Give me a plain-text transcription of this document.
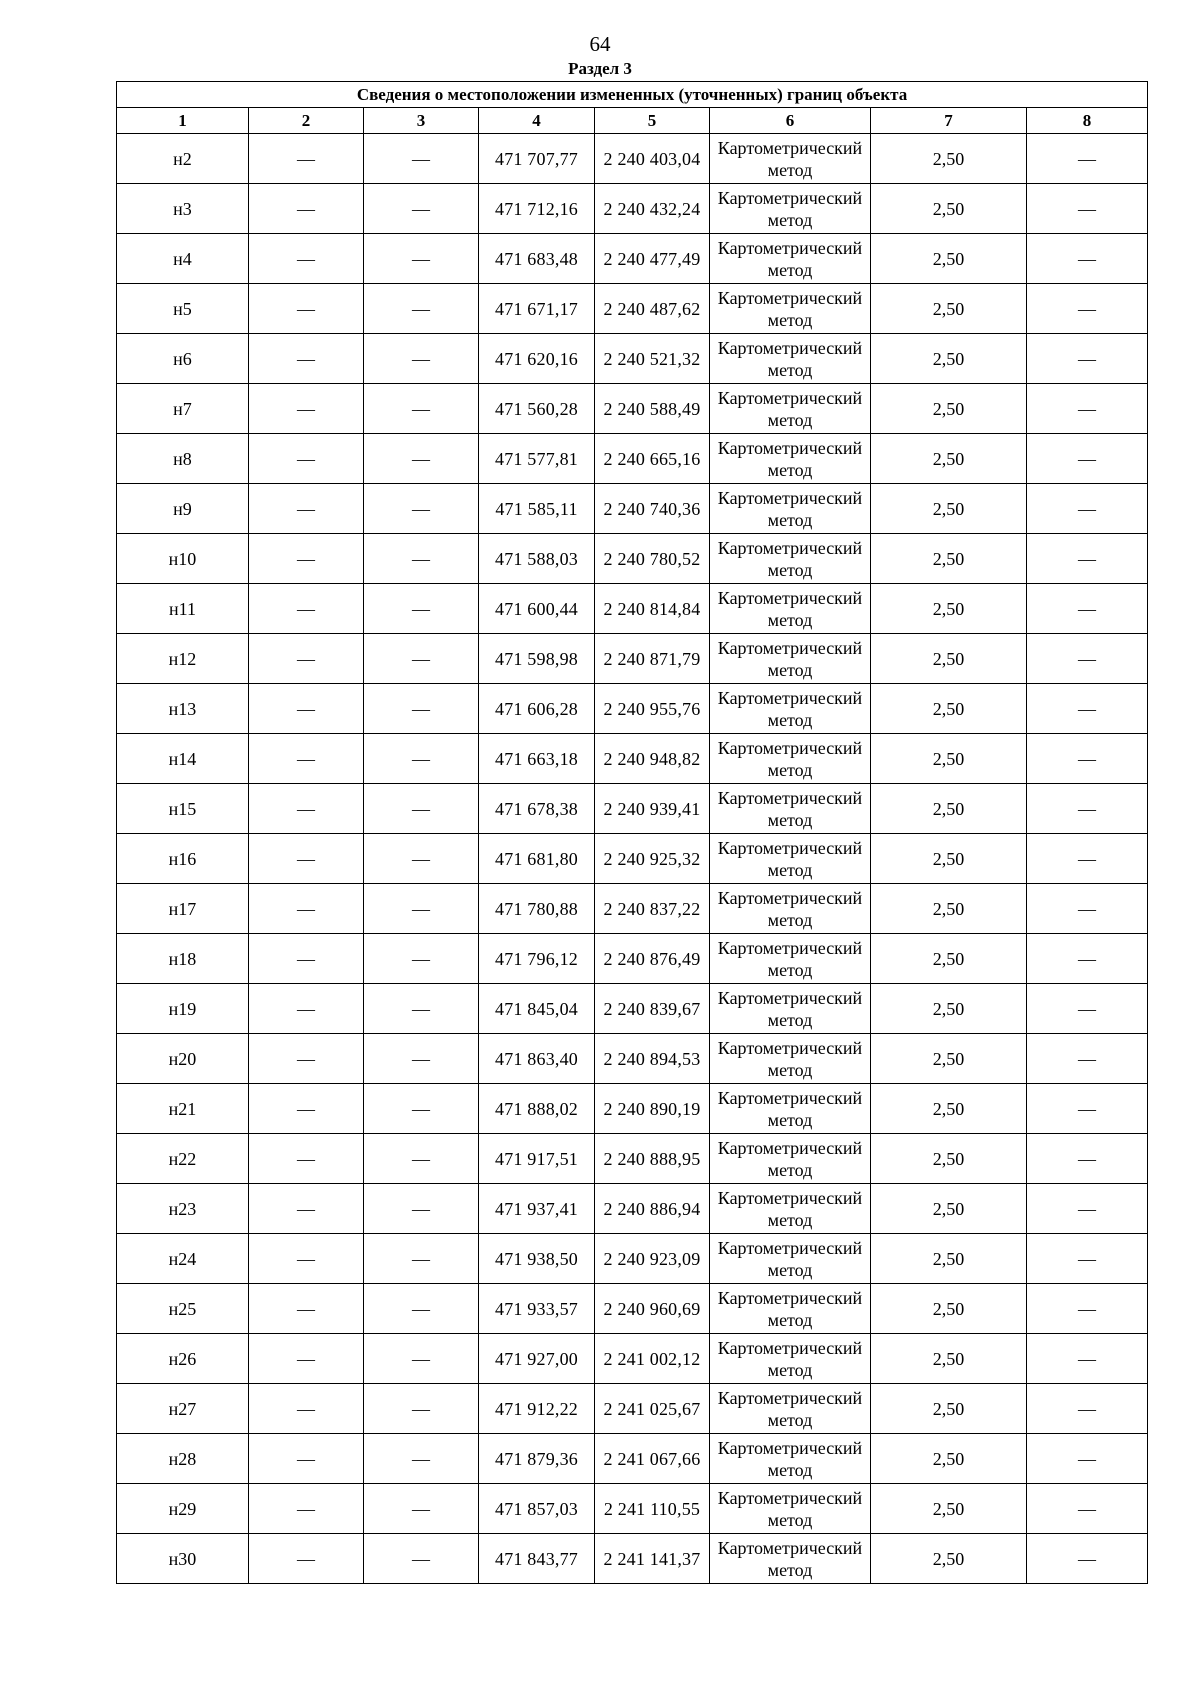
64
Раздел 3
Сведения о местоположении измененных (уточненных) границ объекта							
1	2	3	4	5	6	7	8
н2	—	—	471 707,77	2 240 403,04	Картометрический метод	2,50	—
н3	—	—	471 712,16	2 240 432,24	Картометрический метод	2,50	—
н4	—	—	471 683,48	2 240 477,49	Картометрический метод	2,50	—
н5	—	—	471 671,17	2 240 487,62	Картометрический метод	2,50	—
н6	—	—	471 620,16	2 240 521,32	Картометрический метод	2,50	—
н7	—	—	471 560,28	2 240 588,49	Картометрический метод	2,50	—
н8	—	—	471 577,81	2 240 665,16	Картометрический метод	2,50	—
н9	—	—	471 585,11	2 240 740,36	Картометрический метод	2,50	—
н10	—	—	471 588,03	2 240 780,52	Картометрический метод	2,50	—
н11	—	—	471 600,44	2 240 814,84	Картометрический метод	2,50	—
н12	—	—	471 598,98	2 240 871,79	Картометрический метод	2,50	—
н13	—	—	471 606,28	2 240 955,76	Картометрический метод	2,50	—
н14	—	—	471 663,18	2 240 948,82	Картометрический метод	2,50	—
н15	—	—	471 678,38	2 240 939,41	Картометрический метод	2,50	—
н16	—	—	471 681,80	2 240 925,32	Картометрический метод	2,50	—
н17	—	—	471 780,88	2 240 837,22	Картометрический метод	2,50	—
н18	—	—	471 796,12	2 240 876,49	Картометрический метод	2,50	—
н19	—	—	471 845,04	2 240 839,67	Картометрический метод	2,50	—
н20	—	—	471 863,40	2 240 894,53	Картометрический метод	2,50	—
н21	—	—	471 888,02	2 240 890,19	Картометрический метод	2,50	—
н22	—	—	471 917,51	2 240 888,95	Картометрический метод	2,50	—
н23	—	—	471 937,41	2 240 886,94	Картометрический метод	2,50	—
н24	—	—	471 938,50	2 240 923,09	Картометрический метод	2,50	—
н25	—	—	471 933,57	2 240 960,69	Картометрический метод	2,50	—
н26	—	—	471 927,00	2 241 002,12	Картометрический метод	2,50	—
н27	—	—	471 912,22	2 241 025,67	Картометрический метод	2,50	—
н28	—	—	471 879,36	2 241 067,66	Картометрический метод	2,50	—
н29	—	—	471 857,03	2 241 110,55	Картометрический метод	2,50	—
н30	—	—	471 843,77	2 241 141,37	Картометрический метод	2,50	—
